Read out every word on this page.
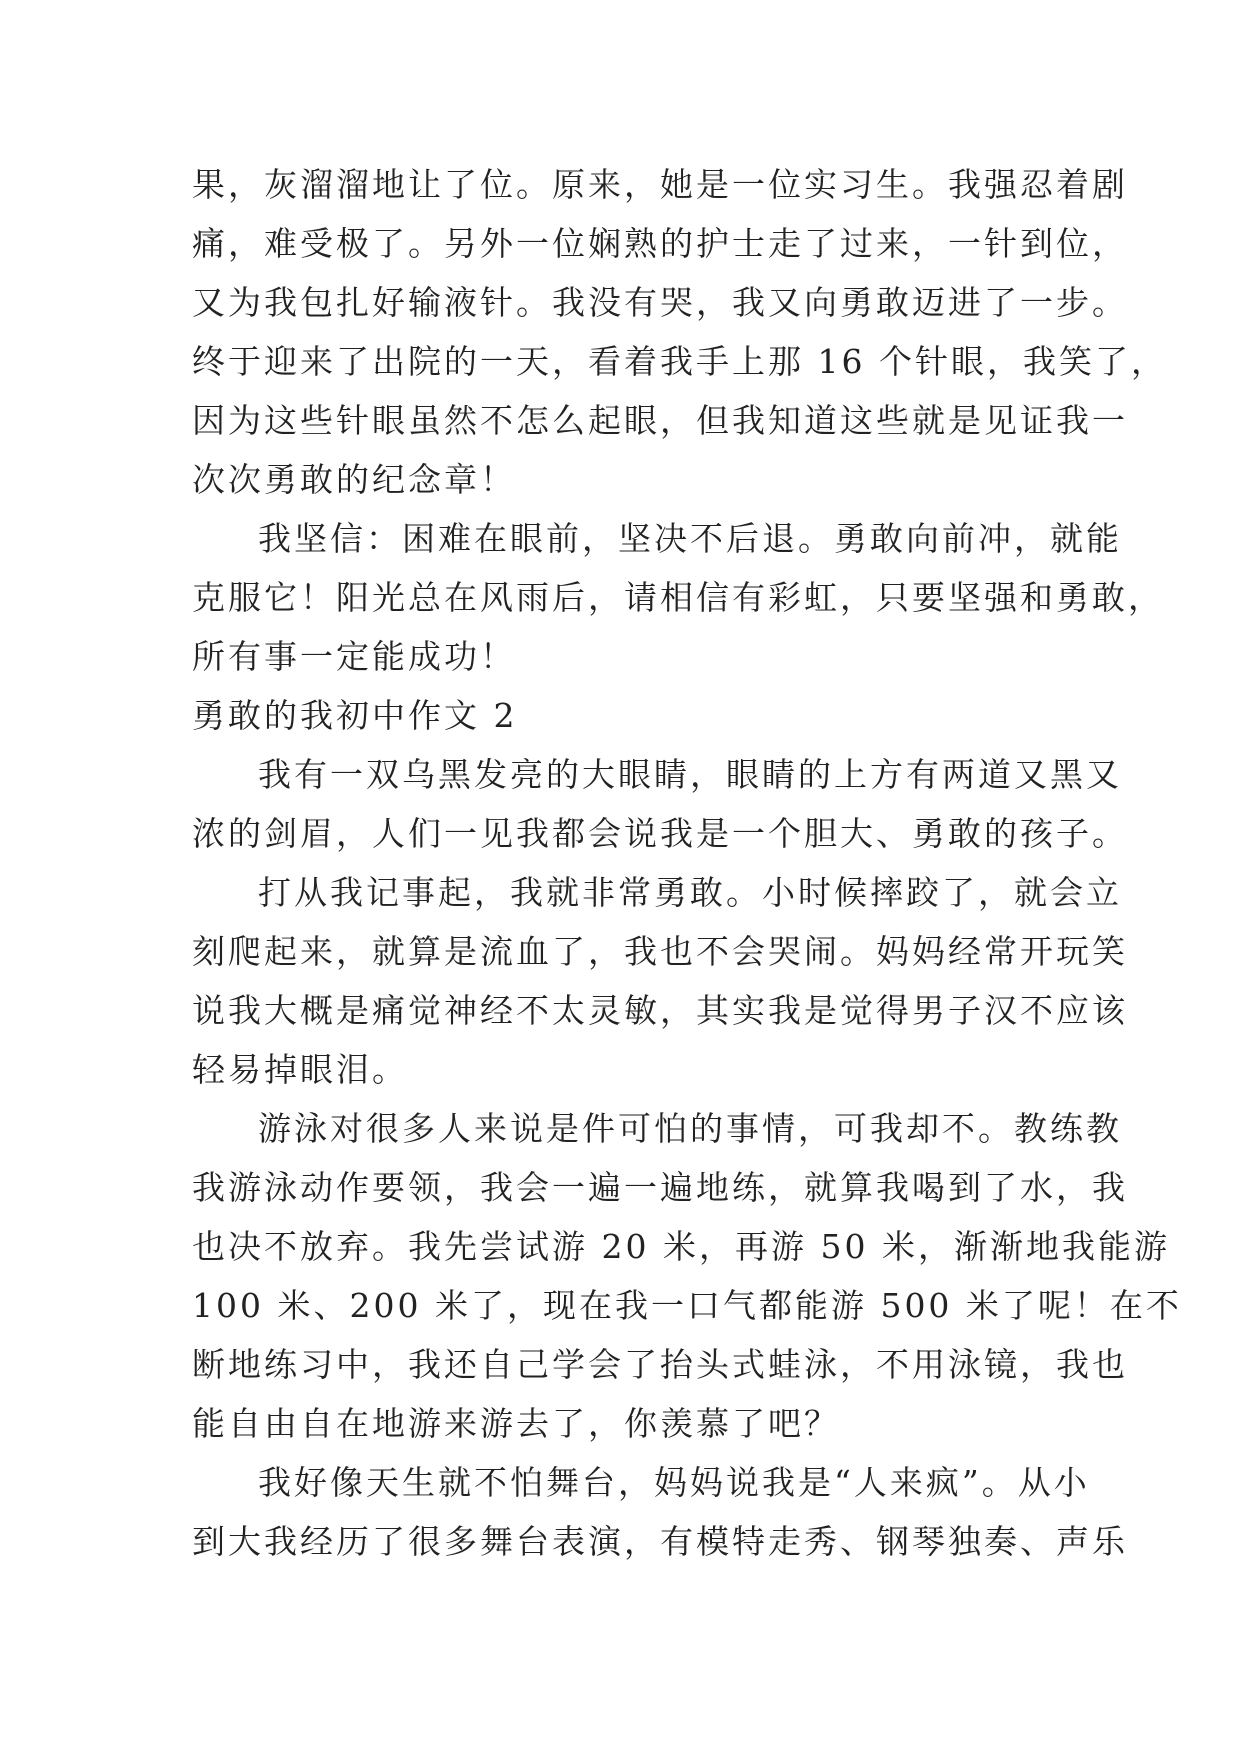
果，灰溜溜地让了位。原来，她是一位实习生。我强忍着剧
痛，难受极了。另外一位娴熟的护士走了过来，一针到位，
又为我包扎好输液针。我没有哭，我又向勇敢迈进了一步。
终于迎来了出院的一天，看着我手上那 16 个针眼，我笑了，
因为这些针眼虽然不怎么起眼，但我知道这些就是见证我一
次次勇敢的纪念章！
我坚信：困难在眼前，坚决不后退。勇敢向前冲，就能
克服它！阳光总在风雨后，请相信有彩虹，只要坚强和勇敢，
所有事一定能成功！
勇敢的我初中作文 2
我有一双乌黑发亮的大眼睛，眼睛的上方有两道又黑又
浓的剑眉，人们一见我都会说我是一个胆大、勇敢的孩子。
打从我记事起，我就非常勇敢。小时候摔跤了，就会立
刻爬起来，就算是流血了，我也不会哭闹。妈妈经常开玩笑
说我大概是痛觉神经不太灵敏，其实我是觉得男子汉不应该
轻易掉眼泪。
游泳对很多人来说是件可怕的事情，可我却不。教练教
我游泳动作要领，我会一遍一遍地练，就算我喝到了水，我
也决不放弃。我先尝试游 20 米，再游 50 米，渐渐地我能游
100 米、200 米了，现在我一口气都能游 500 米了呢！在不
断地练习中，我还自己学会了抬头式蛙泳，不用泳镜，我也
能自由自在地游来游去了，你羡慕了吧？
我好像天生就不怕舞台，妈妈说我是“人来疯”。从小
到大我经历了很多舞台表演，有模特走秀、钢琴独奏、声乐
